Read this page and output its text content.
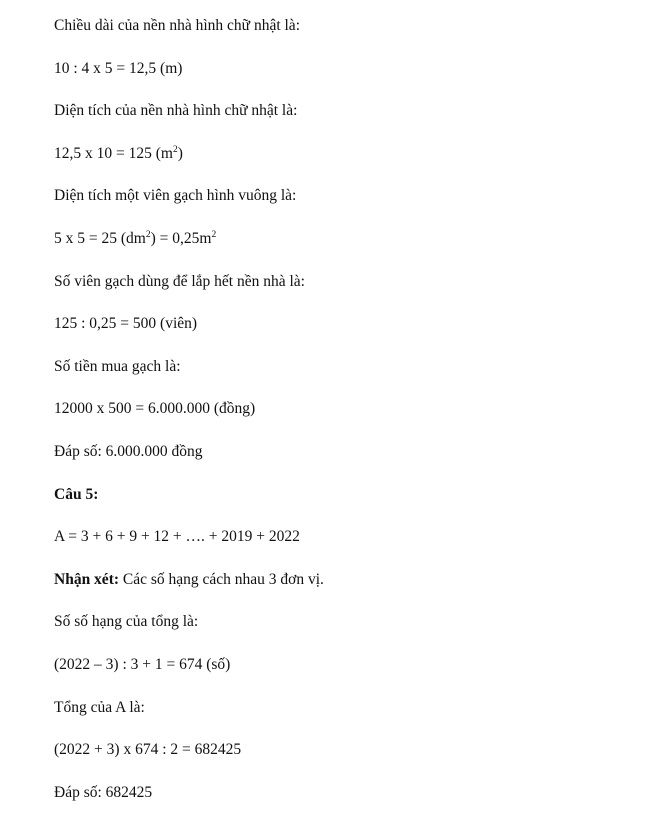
Chiều dài của nền nhà hình chữ nhật là:
10 : 4 x 5 = 12,5 (m)
Diện tích của nền nhà hình chữ nhật là:
12,5 x 10 = 125 $(m^2)$
Diện tích một viên gạch hình vuông là:
5 x 5 = 25 $(dm^2) = 0,25m^2$
Số viên gạch dùng để lắp hết nền nhà là:
125 : 0,25 = 500 (viên)
Số tiền mua gạch là:
12000 x 500 = 6.000.000 (đồng)
Đáp số: 6.000.000 đồng
Câu 5:
A = 3 + 6 + 9 + 12 + …. + 2019 + 2022
Nhận xét: Các số hạng cách nhau 3 đơn vị.
Số số hạng của tổng là:
(2022 – 3) : 3 + 1 = 674 (số)
Tổng của A là:
(2022 + 3) x 674 : 2 = 682425
Đáp số: 682425
